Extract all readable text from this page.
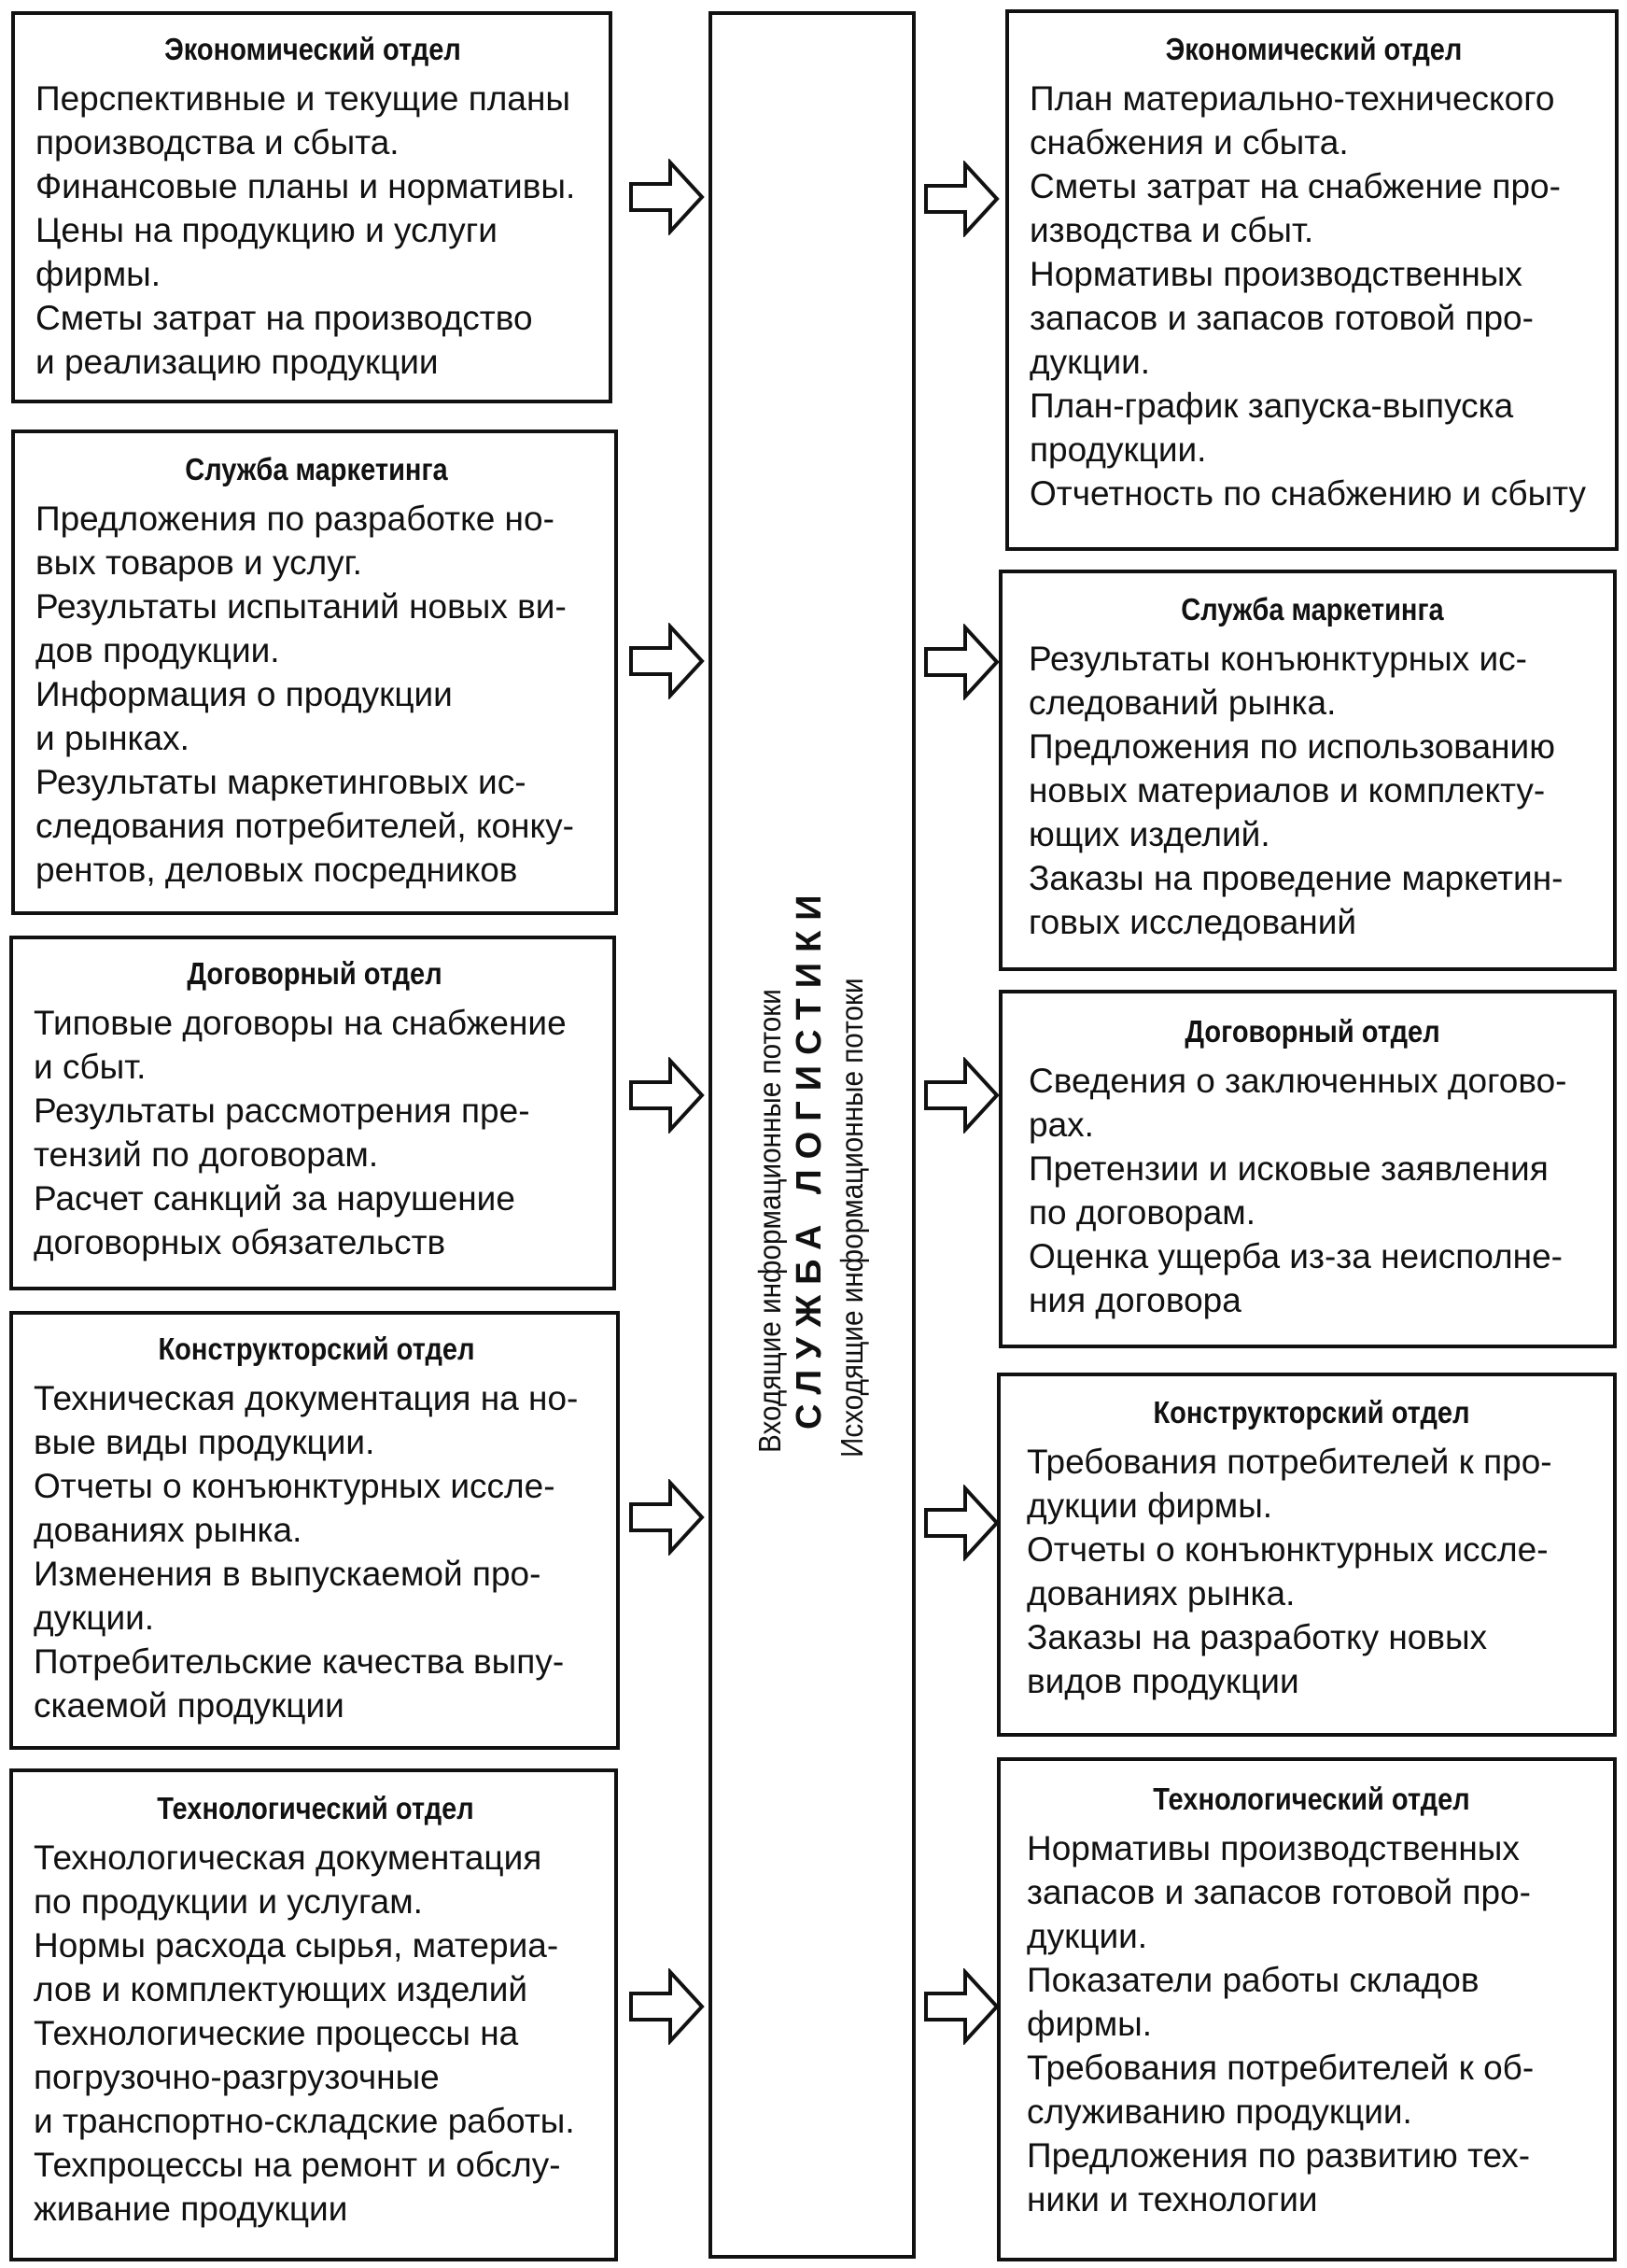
Экономический отдел
Перспективные и текущие планы
производства и сбыта.
Финансовые планы и нормативы.
Цены на продукцию и услуги
фирмы.
Сметы затрат на производство
и реализацию продукции
Служба маркетинга
Предложения по разработке но-
вых товаров и услуг.
Результаты испытаний новых ви-
дов продукции.
Информация о продукции
и рынках.
Результаты маркетинговых ис-
следования потребителей, конку-
рентов, деловых посредников
Договорный отдел
Типовые договоры на снабжение
и сбыт.
Результаты рассмотрения пре-
тензий по договорам.
Расчет санкций за нарушение
договорных обязательств
Конструкторский отдел
Техническая документация на но-
вые виды продукции.
Отчеты о конъюнктурных иссле-
дованиях рынка.
Изменения в выпускаемой про-
дукции.
Потребительские качества выпу-
скаемой продукции
Технологический отдел
Технологическая документация
по продукции и услугам.
Нормы расхода сырья, материа-
лов и комплектующих изделий
Технологические процессы на
погрузочно-разгрузочные
и транспортно-складские работы.
Техпроцессы на ремонт и обслу-
живание продукции
Входящие информационные потоки СЛУЖБА ЛОГИСТИКИ Исходящие информационные потоки
Экономический отдел
План материально-технического
снабжения и сбыта.
Сметы затрат на снабжение про-
изводства и сбыт.
Нормативы производственных
запасов и запасов готовой про-
дукции.
План-график запуска-выпуска
продукции.
Отчетность по снабжению и сбыту
Служба маркетинга
Результаты конъюнктурных ис-
следований рынка.
Предложения по использованию
новых материалов и комплекту-
ющих изделий.
Заказы на проведение маркетин-
говых исследований
Договорный отдел
Сведения о заключенных догово-
рах.
Претензии и исковые заявления
по договорам.
Оценка ущерба из-за неисполне-
ния договора
Конструкторский отдел
Требования потребителей к про-
дукции фирмы.
Отчеты о конъюнктурных иссле-
дованиях рынка.
Заказы на разработку новых
видов продукции
Технологический отдел
Нормативы производственных
запасов и запасов готовой про-
дукции.
Показатели работы складов
фирмы.
Требования потребителей к об-
служиванию продукции.
Предложения по развитию тех-
ники и технологии
